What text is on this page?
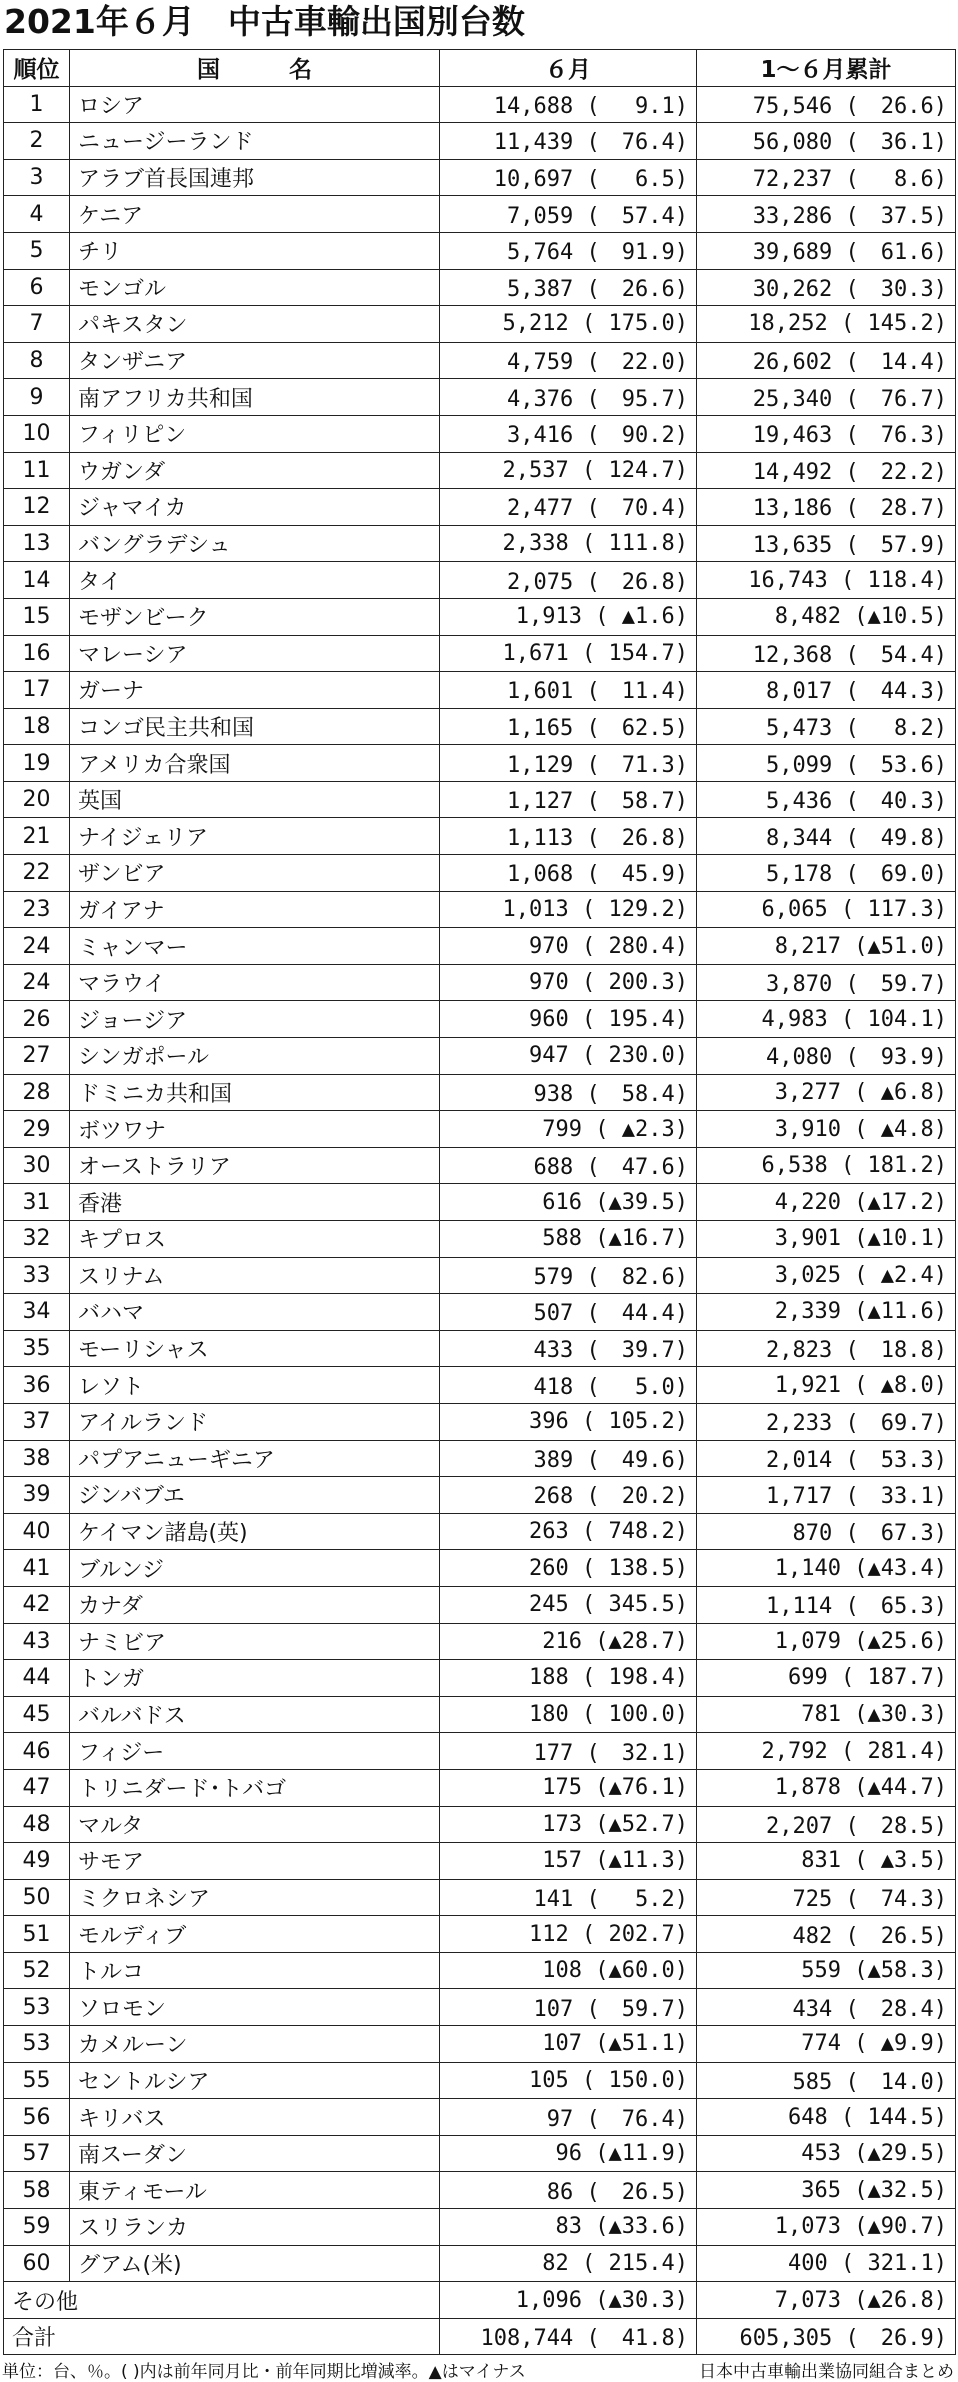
2021年６月　中古車輸出国別台数
順位	国　　　名	６月	1～６月累計
1	ロシア	14,688 (　 9.1)	75,546 (　26.6)
2	ニュージーランド	11,439 (　76.4)	56,080 (　36.1)
3	アラブ首長国連邦	10,697 (　 6.5)	72,237 (　 8.6)
4	ケニア	7,059 (　57.4)	33,286 (　37.5)
5	チリ	5,764 (　91.9)	39,689 (　61.6)
6	モンゴル	5,387 (　26.6)	30,262 (　30.3)
7	パキスタン	5,212 ( 175.0)	18,252 ( 145.2)
8	タンザニア	4,759 (　22.0)	26,602 (　14.4)
9	南アフリカ共和国	4,376 (　95.7)	25,340 (　76.7)
10	フィリピン	3,416 (　90.2)	19,463 (　76.3)
11	ウガンダ	2,537 ( 124.7)	14,492 (　22.2)
12	ジャマイカ	2,477 (　70.4)	13,186 (　28.7)
13	バングラデシュ	2,338 ( 111.8)	13,635 (　57.9)
14	タイ	2,075 (　26.8)	16,743 ( 118.4)
15	モザンビーク	1,913 ( ▲1.6)	8,482 (▲10.5)
16	マレーシア	1,671 ( 154.7)	12,368 (　54.4)
17	ガーナ	1,601 (　11.4)	8,017 (　44.3)
18	コンゴ民主共和国	1,165 (　62.5)	5,473 (　 8.2)
19	アメリカ合衆国	1,129 (　71.3)	5,099 (　53.6)
20	英国	1,127 (　58.7)	5,436 (　40.3)
21	ナイジェリア	1,113 (　26.8)	8,344 (　49.8)
22	ザンビア	1,068 (　45.9)	5,178 (　69.0)
23	ガイアナ	1,013 ( 129.2)	6,065 ( 117.3)
24	ミャンマー	970 ( 280.4)	8,217 (▲51.0)
24	マラウイ	970 ( 200.3)	3,870 (　59.7)
26	ジョージア	960 ( 195.4)	4,983 ( 104.1)
27	シンガポール	947 ( 230.0)	4,080 (　93.9)
28	ドミニカ共和国	938 (　58.4)	3,277 ( ▲6.8)
29	ボツワナ	799 ( ▲2.3)	3,910 ( ▲4.8)
30	オーストラリア	688 (　47.6)	6,538 ( 181.2)
31	香港	616 (▲39.5)	4,220 (▲17.2)
32	キプロス	588 (▲16.7)	3,901 (▲10.1)
33	スリナム	579 (　82.6)	3,025 ( ▲2.4)
34	バハマ	507 (　44.4)	2,339 (▲11.6)
35	モーリシャス	433 (　39.7)	2,823 (　18.8)
36	レソト	418 (　 5.0)	1,921 ( ▲8.0)
37	アイルランド	396 ( 105.2)	2,233 (　69.7)
38	パプアニューギニア	389 (　49.6)	2,014 (　53.3)
39	ジンバブエ	268 (　20.2)	1,717 (　33.1)
40	ケイマン諸島(英)	263 ( 748.2)	870 (　67.3)
41	ブルンジ	260 ( 138.5)	1,140 (▲43.4)
42	カナダ	245 ( 345.5)	1,114 (　65.3)
43	ナミビア	216 (▲28.7)	1,079 (▲25.6)
44	トンガ	188 ( 198.4)	699 ( 187.7)
45	バルバドス	180 ( 100.0)	781 (▲30.3)
46	フィジー	177 (　32.1)	2,792 ( 281.4)
47	トリニダード･トバゴ	175 (▲76.1)	1,878 (▲44.7)
48	マルタ	173 (▲52.7)	2,207 (　28.5)
49	サモア	157 (▲11.3)	831 ( ▲3.5)
50	ミクロネシア	141 (　 5.2)	725 (　74.3)
51	モルディブ	112 ( 202.7)	482 (　26.5)
52	トルコ	108 (▲60.0)	559 (▲58.3)
53	ソロモン	107 (　59.7)	434 (　28.4)
53	カメルーン	107 (▲51.1)	774 ( ▲9.9)
55	セントルシア	105 ( 150.0)	585 (　14.0)
56	キリバス	97 (　76.4)	648 ( 144.5)
57	南スーダン	96 (▲11.9)	453 (▲29.5)
58	東ティモール	86 (　26.5)	365 (▲32.5)
59	スリランカ	83 (▲33.6)	1,073 (▲90.7)
60	グアム(米)	82 ( 215.4)	400 ( 321.1)
その他		1,096 (▲30.3)	7,073 (▲26.8)
合計		108,744 (　41.8)	605,305 (　26.9)
単位：台、％。( )内は前年同月比・前年同期比増減率。▲はマイナス	日本中古車輸出業協同組合まとめ
